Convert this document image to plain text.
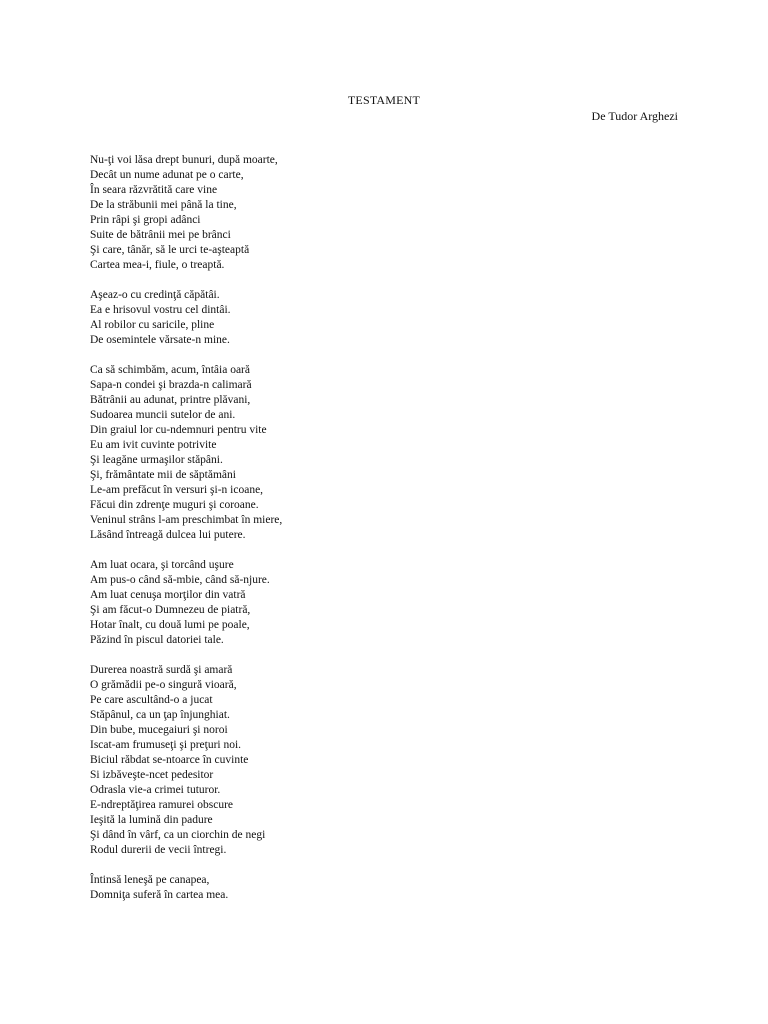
TESTAMENT
De Tudor Arghezi
Nu-ţi voi lăsa drept bunuri, după moarte,
Decât un nume adunat pe o carte,
În seara răzvrătită care vine
De la străbunii mei până la tine,
Prin râpi şi gropi adânci
Suite de bătrânii mei pe brânci
Şi care, tânăr, să le urci te-aşteaptă
Cartea mea-i, fiule, o treaptă.
Aşeaz-o cu credinţă căpătâi.
Ea e hrisovul vostru cel dintâi.
Al robilor cu saricile, pline
De osemintele vărsate-n mine.
Ca să schimbăm, acum, întâia oară
Sapa-n condei şi brazda-n calimară
Bătrânii au adunat, printre plăvani,
Sudoarea muncii sutelor de ani.
Din graiul lor cu-ndemnuri pentru vite
Eu am ivit cuvinte potrivite
Şi leagăne urmaşilor stăpâni.
Şi, frământate mii de săptămâni
Le-am prefăcut în versuri şi-n icoane,
Făcui din zdrenţe muguri şi coroane.
Veninul strâns l-am preschimbat în miere,
Lăsând întreagă dulcea lui putere.
Am luat ocara, şi torcând uşure
Am pus-o când să-mbie, când să-njure.
Am luat cenuşa morţilor din vatră
Şi am făcut-o Dumnezeu de piatră,
Hotar înalt, cu două lumi pe poale,
Păzind în piscul datoriei tale.
Durerea noastră surdă şi amară
O grămădii pe-o singură vioară,
Pe care ascultând-o a jucat
Stăpânul, ca un ţap înjunghiat.
Din bube, mucegaiuri şi noroi
Iscat-am frumuseţi şi preţuri noi.
Biciul răbdat se-ntoarce în cuvinte
Si izbăveşte-ncet pedesitor
Odrasla vie-a crimei tuturor.
E-ndreptăţirea ramurei obscure
Ieşită la lumină din padure
Şi dând în vârf, ca un ciorchin de negi
Rodul durerii de vecii întregi.
Întinsă leneşă pe canapea,
Domniţa suferă în cartea mea.
